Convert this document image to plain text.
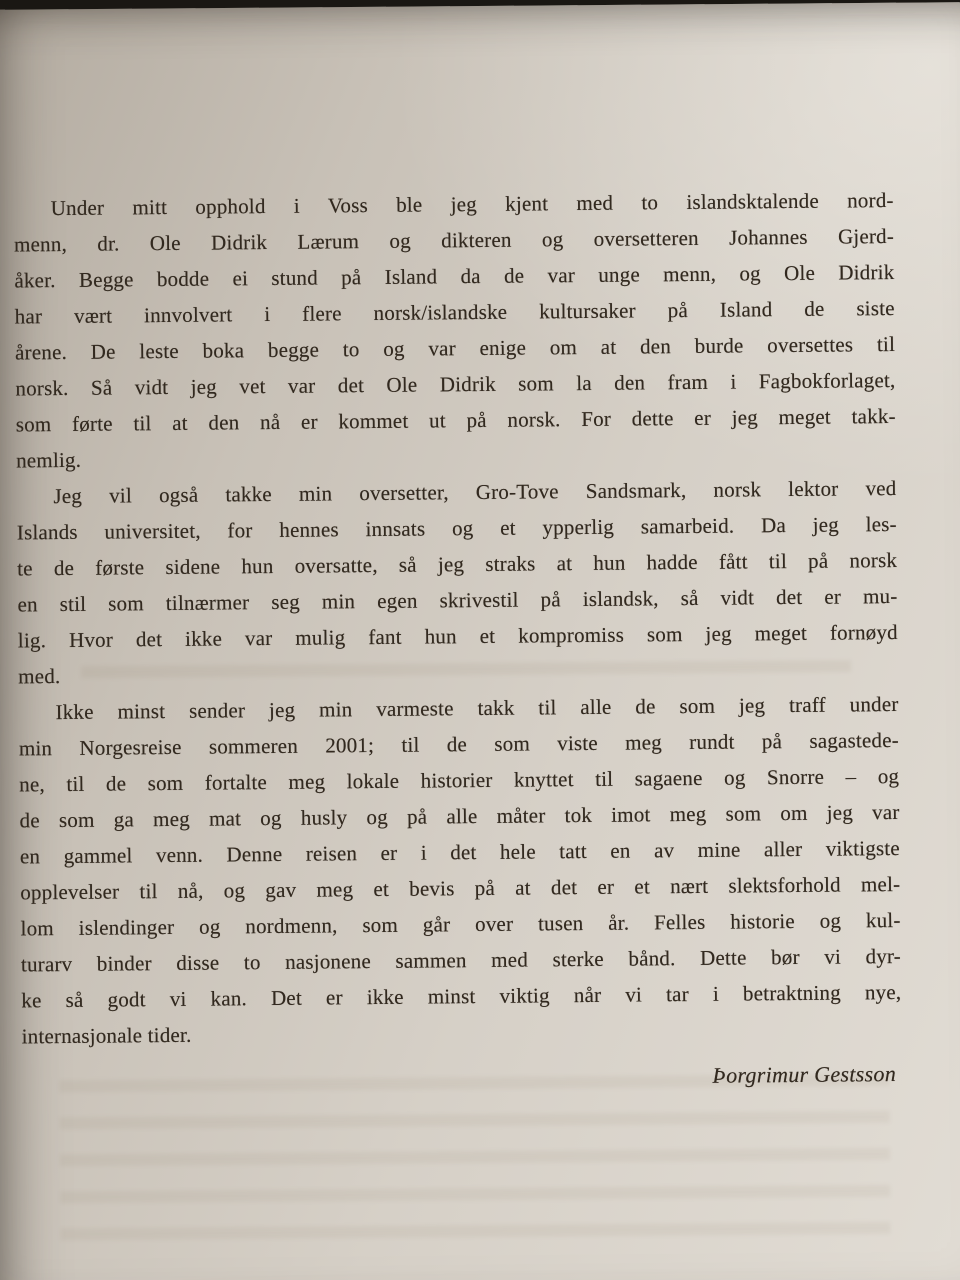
Under mitt opphold i Voss ble jeg kjent med to islandsktalende nord-
menn, dr. Ole Didrik Lærum og dikteren og oversetteren Johannes Gjerd-
åker. Begge bodde ei stund på Island da de var unge menn, og Ole Didrik
har vært innvolvert i flere norsk/islandske kultursaker på Island de siste
årene. De leste boka begge to og var enige om at den burde oversettes til
norsk. Så vidt jeg vet var det Ole Didrik som la den fram i Fagbokforlaget,
som førte til at den nå er kommet ut på norsk. For dette er jeg meget takk-
nemlig.
Jeg vil også takke min oversetter, Gro-Tove Sandsmark, norsk lektor ved
Islands universitet, for hennes innsats og et ypperlig samarbeid. Da jeg les-
te de første sidene hun oversatte, så jeg straks at hun hadde fått til på norsk
en stil som tilnærmer seg min egen skrivestil på islandsk, så vidt det er mu-
lig. Hvor det ikke var mulig fant hun et kompromiss som jeg meget fornøyd
med.
Ikke minst sender jeg min varmeste takk til alle de som jeg traff under
min Norgesreise sommeren 2001; til de som viste meg rundt på sagastede-
ne, til de som fortalte meg lokale historier knyttet til sagaene og Snorre – og
de som ga meg mat og husly og på alle måter tok imot meg som om jeg var
en gammel venn. Denne reisen er i det hele tatt en av mine aller viktigste
opplevelser til nå, og gav meg et bevis på at det er et nært slektsforhold mel-
lom islendinger og nordmenn, som går over tusen år. Felles historie og kul-
turarv binder disse to nasjonene sammen med sterke bånd. Dette bør vi dyr-
ke så godt vi kan. Det er ikke minst viktig når vi tar i betraktning nye,
internasjonale tider.
Þorgrimur Gestsson
